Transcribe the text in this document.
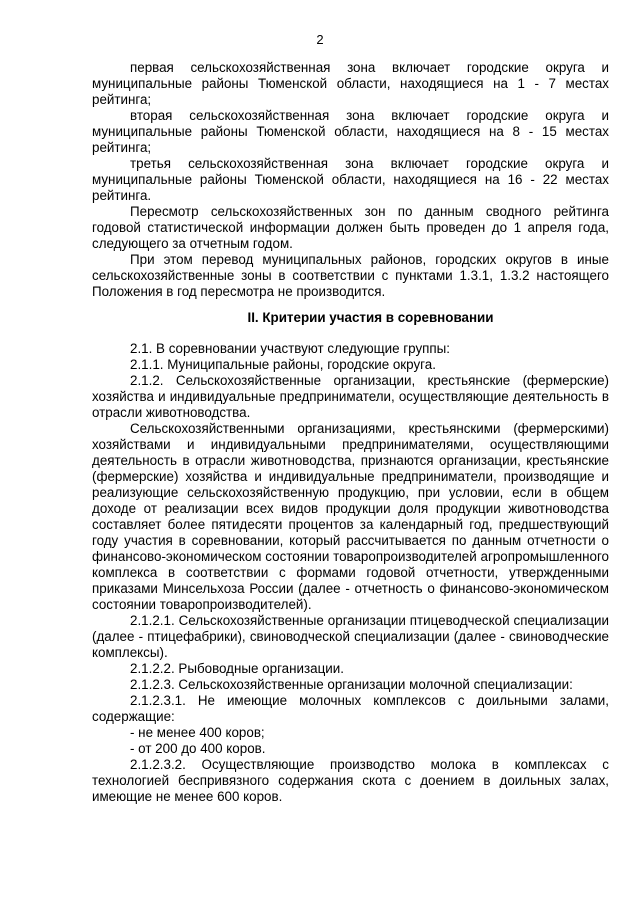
2

первая сельскохозяйственная зона включает городские округа и муниципальные районы Тюменской области, находящиеся на 1 - 7 местах рейтинга;

вторая сельскохозяйственная зона включает городские округа и муниципальные районы Тюменской области, находящиеся на 8 - 15 местах рейтинга;

третья сельскохозяйственная зона включает городские округа и муниципальные районы Тюменской области, находящиеся на 16 - 22 местах рейтинга.

Пересмотр сельскохозяйственных зон по данным сводного рейтинга годовой статистической информации должен быть проведен до 1 апреля года, следующего за отчетным годом.

При этом перевод муниципальных районов, городских округов в иные сельскохозяйственные зоны в соответствии с пунктами 1.3.1, 1.3.2 настоящего Положения в год пересмотра не производится.

II. Критерии участия в соревновании

2.1. В соревновании участвуют следующие группы:

2.1.1. Муниципальные районы, городские округа.

2.1.2. Сельскохозяйственные организации, крестьянские (фермерские) хозяйства и индивидуальные предприниматели, осуществляющие деятельность в отрасли животноводства.

Сельскохозяйственными организациями, крестьянскими (фермерскими) хозяйствами и индивидуальными предпринимателями, осуществляющими деятельность в отрасли животноводства, признаются организации, крестьянские (фермерские) хозяйства и индивидуальные предприниматели, производящие и реализующие сельскохозяйственную продукцию, при условии, если в общем доходе от реализации всех видов продукции доля продукции животноводства составляет более пятидесяти процентов за календарный год, предшествующий году участия в соревновании, который рассчитывается по данным отчетности о финансово-экономическом состоянии товаропроизводителей агропромышленного комплекса в соответствии с формами годовой отчетности, утвержденными приказами Минсельхоза России (далее - отчетность о финансово-экономическом состоянии товаропроизводителей).

2.1.2.1. Сельскохозяйственные организации птицеводческой специализации (далее - птицефабрики), свиноводческой специализации (далее - свиноводческие комплексы).

2.1.2.2. Рыбоводные организации.

2.1.2.3. Сельскохозяйственные организации молочной специализации:

2.1.2.3.1. Не имеющие молочных комплексов с доильными залами, содержащие:

- не менее 400 коров;

- от 200 до 400 коров.

2.1.2.3.2. Осуществляющие производство молока в комплексах с технологией беспривязного содержания скота с доением в доильных залах, имеющие не менее 600 коров.
